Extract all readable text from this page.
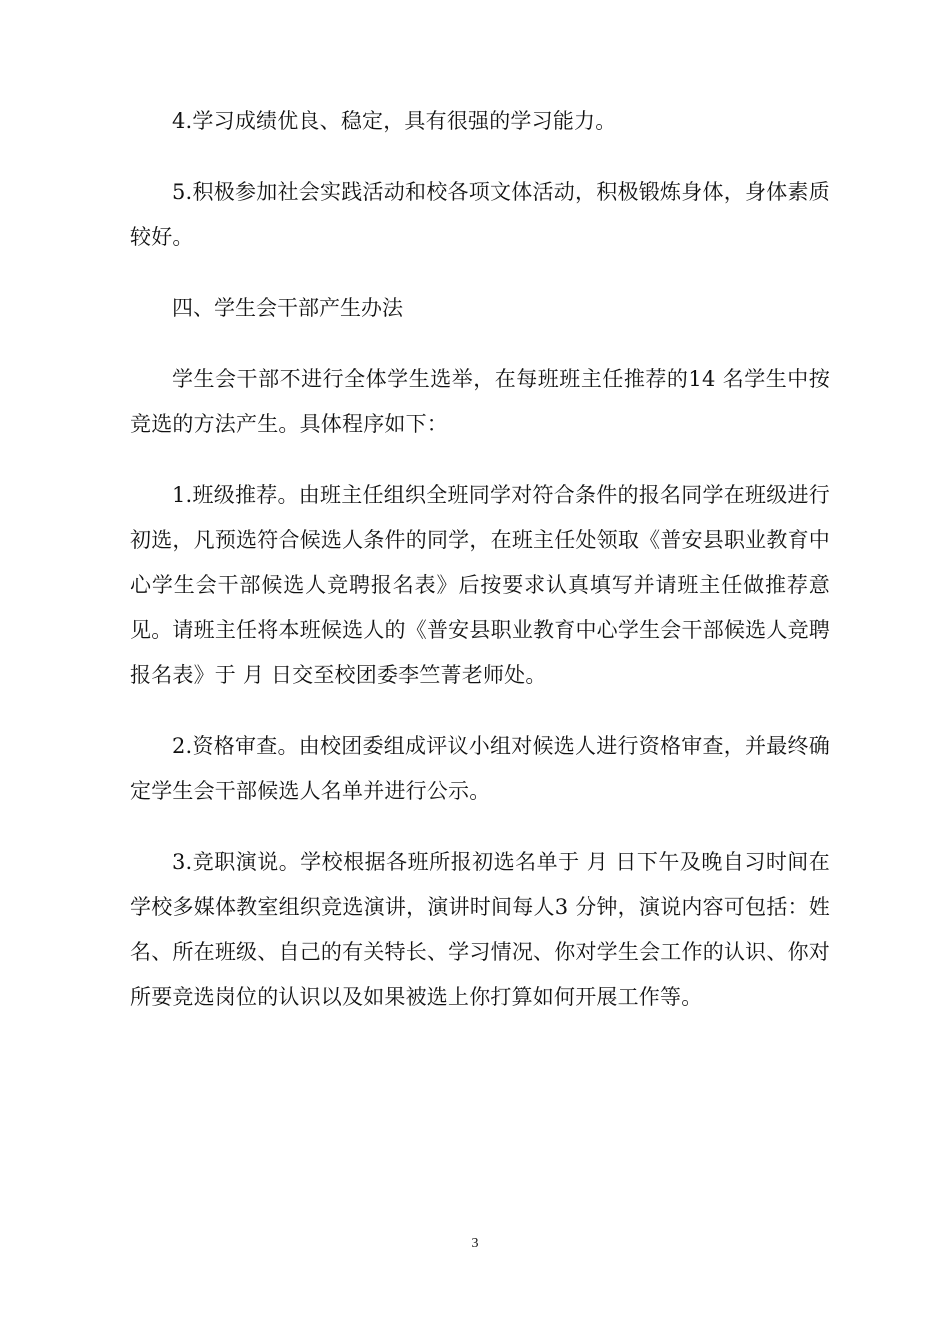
4.学习成绩优良、稳定，具有很强的学习能力。

5.积极参加社会实践活动和校各项文体活动，积极锻炼身体，身体素质较好。

四、学生会干部产生办法

学生会干部不进行全体学生选举，在每班班主任推荐的14 名学生中按竞选的方法产生。具体程序如下：

1.班级推荐。由班主任组织全班同学对符合条件的报名同学在班级进行初选，凡预选符合候选人条件的同学，在班主任处领取《普安县职业教育中心学生会干部候选人竞聘报名表》后按要求认真填写并请班主任做推荐意见。请班主任将本班候选人的《普安县职业教育中心学生会干部候选人竞聘报名表》于 月 日交至校团委李竺菁老师处。

2.资格审查。由校团委组成评议小组对候选人进行资格审查，并最终确定学生会干部候选人名单并进行公示。

3.竞职演说。学校根据各班所报初选名单于 月 日下午及晚自习时间在学校多媒体教室组织竞选演讲，演讲时间每人3 分钟，演说内容可包括：姓名、所在班级、自己的有关特长、学习情况、你对学生会工作的认识、你对所要竞选岗位的认识以及如果被选上你打算如何开展工作等。

3
